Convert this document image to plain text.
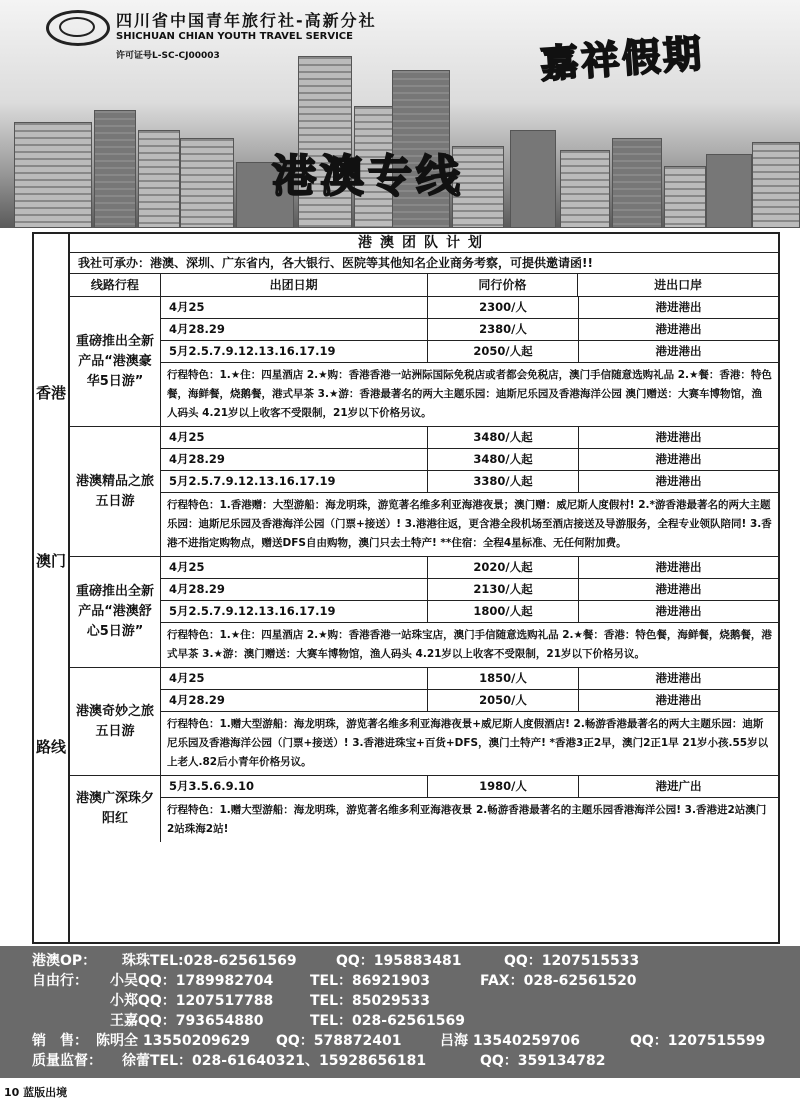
四川省中国青年旅行社-高新分社
SHICHUAN CHIAN YOUTH TRAVEL SERVICE
许可证号L-SC-CJ00003	嘉祥假期
港澳专线
香港
澳门
路线
港澳团队计划
我社可承办：港澳、深圳、广东省内，各大银行、医院等其他知名企业商务考察，可提供邀请函!!
线路行程	出团日期	同行价格	进出口岸
重磅推出全新产品“港澳豪华5日游”
4月25	2300/人	港进港出
4月28.29	2380/人	港进港出
5月2.5.7.9.12.13.16.17.19	2050/人起	港进港出
行程特色：1.★住：四星酒店 2.★购：香港香港一站洲际国际免税店或者都会免税店，澳门手信随意选购礼品 2.★餐：香港：特色餐，海鲜餐，烧鹅餐，港式早茶 3.★游：香港最著名的两大主题乐园：迪斯尼乐园及香港海洋公园 澳门赠送：大赛车博物馆，渔人码头 4.21岁以上收客不受限制，21岁以下价格另议。
港澳精品之旅五日游
4月25	3480/人起	港进港出
4月28.29	3480/人起	港进港出
5月2.5.7.9.12.13.16.17.19	3380/人起	港进港出
行程特色：1.香港赠：大型游船：海龙明珠，游览著名维多利亚海港夜景；澳门赠：威尼斯人度假村! 2.*游香港最著名的两大主题乐园：迪斯尼乐园及香港海洋公园（门票+接送）! 3.港港往返，更含港全段机场至酒店接送及导游服务，全程专业领队陪同! 3.香港不进指定购物点，赠送DFS自由购物，澳门只去土特产! **住宿：全程4星标准、无任何附加费。
重磅推出全新产品“港澳舒心5日游”
4月25	2020/人起	港进港出
4月28.29	2130/人起	港进港出
5月2.5.7.9.12.13.16.17.19	1800/人起	港进港出
行程特色：1.★住：四星酒店 2.★购：香港香港一站珠宝店，澳门手信随意选购礼品 2.★餐：香港：特色餐，海鲜餐，烧鹅餐，港式早茶 3.★游：澳门赠送：大赛车博物馆，渔人码头 4.21岁以上收客不受限制，21岁以下价格另议。
港澳奇妙之旅五日游
4月25	1850/人	港进港出
4月28.29	2050/人	港进港出
行程特色：1.赠大型游船：海龙明珠，游览著名维多利亚海港夜景+威尼斯人度假酒店! 2.畅游香港最著名的两大主题乐园：迪斯尼乐园及香港海洋公园（门票+接送）! 3.香港进珠宝+百货+DFS，澳门土特产! *香港3正2早，澳门2正1早 21岁小孩.55岁以上老人.82后小青年价格另议。
港澳广深珠夕阳红
5月3.5.6.9.10	1980/人	港进广出
行程特色：1.赠大型游船：海龙明珠，游览著名维多利亚海港夜景 2.畅游香港最著名的主题乐园香港海洋公园! 3.香港进2站澳门2站珠海2站!
港澳OP： 珠珠TEL:028-62561569	QQ：195883481	QQ：1207515533
自由行： 小吴QQ：1789982704	TEL：86921903	FAX：028-62561520
小郑QQ：1207517788	TEL：85029533
王嘉QQ：793654880	TEL：028-62561569
销　售： 陈明全 13550209629 QQ：578872401	吕海 13540259706	QQ：1207515599
质量监督： 徐蕾TEL：028-61640321、15928656181	QQ：359134782
10 蓝版出境
